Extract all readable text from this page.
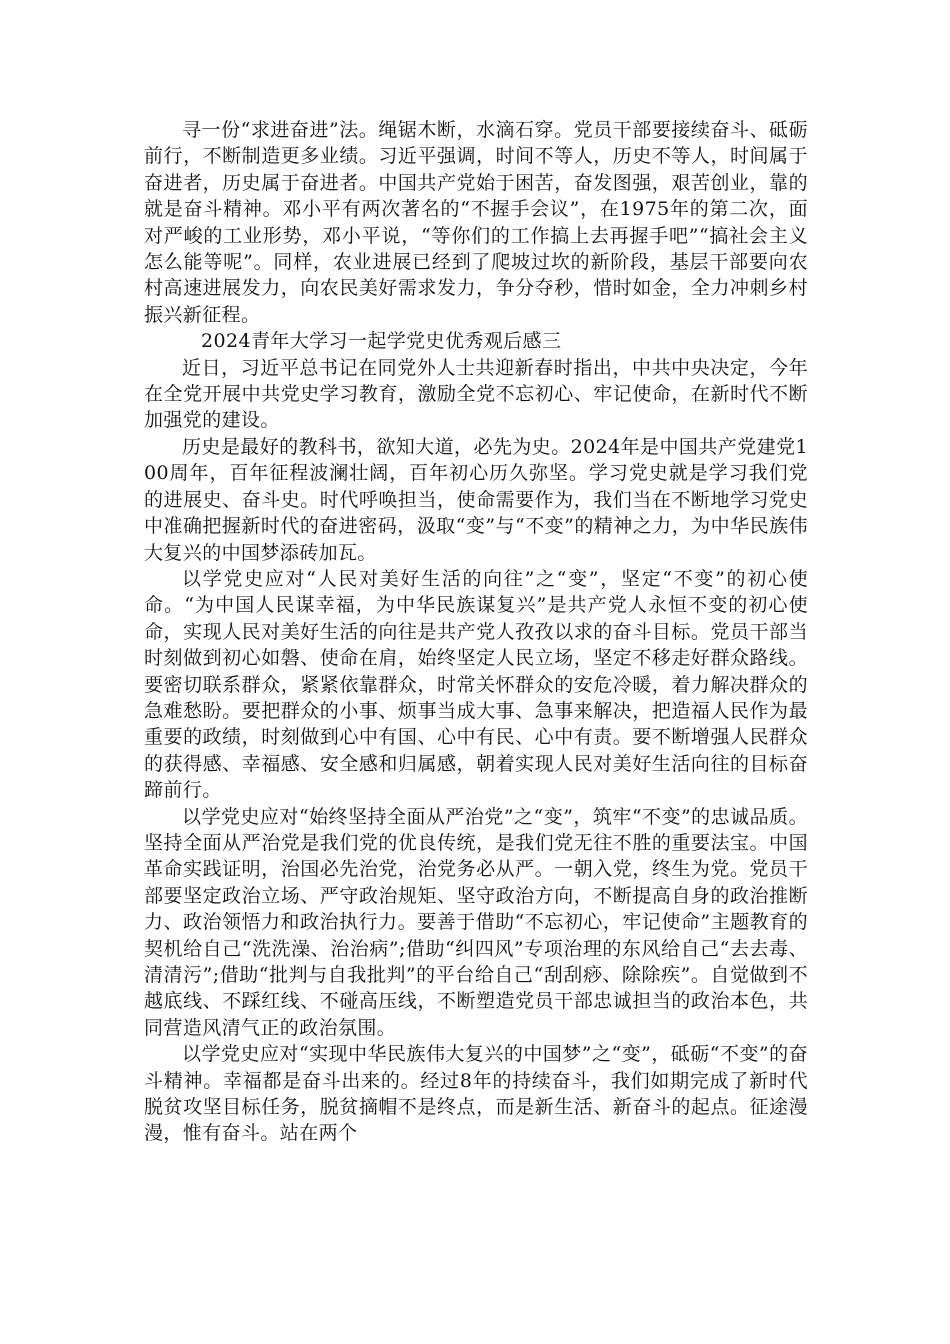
寻一份“求进奋进”法。绳锯木断，水滴石穿。党员干部要接续奋斗、砥砺前行，不断制造更多业绩。习近平强调，时间不等人，历史不等人，时间属于奋进者，历史属于奋进者。中国共产党始于困苦，奋发图强，艰苦创业，靠的就是奋斗精神。邓小平有两次著名的“不握手会议”，在1975年的第二次，面对严峻的工业形势，邓小平说，“等你们的工作搞上去再握手吧”“搞社会主义怎么能等呢”。同样，农业进展已经到了爬坡过坎的新阶段，基层干部要向农村高速进展发力，向农民美好需求发力，争分夺秒，惜时如金，全力冲刺乡村振兴新征程。

2024青年大学习一起学党史优秀观后感三

近日，习近平总书记在同党外人士共迎新春时指出，中共中央决定，今年在全党开展中共党史学习教育，激励全党不忘初心、牢记使命，在新时代不断加强党的建设。

历史是最好的教科书，欲知大道，必先为史。2024年是中国共产党建党100周年，百年征程波澜壮阔，百年初心历久弥坚。学习党史就是学习我们党的进展史、奋斗史。时代呼唤担当，使命需要作为，我们当在不断地学习党史中准确把握新时代的奋进密码，汲取“变”与“不变”的精神之力，为中华民族伟大复兴的中国梦添砖加瓦。

以学党史应对“人民对美好生活的向往”之“变”，坚定“不变”的初心使命。“为中国人民谋幸福，为中华民族谋复兴”是共产党人永恒不变的初心使命，实现人民对美好生活的向往是共产党人孜孜以求的奋斗目标。党员干部当时刻做到初心如磐、使命在肩，始终坚定人民立场，坚定不移走好群众路线。要密切联系群众，紧紧依靠群众，时常关怀群众的安危冷暖，着力解决群众的急难愁盼。要把群众的小事、烦事当成大事、急事来解决，把造福人民作为最重要的政绩，时刻做到心中有国、心中有民、心中有责。要不断增强人民群众的获得感、幸福感、安全感和归属感，朝着实现人民对美好生活向往的目标奋蹄前行。

以学党史应对“始终坚持全面从严治党”之“变”，筑牢“不变”的忠诚品质。坚持全面从严治党是我们党的优良传统，是我们党无往不胜的重要法宝。中国革命实践证明，治国必先治党，治党务必从严。一朝入党，终生为党。党员干部要坚定政治立场、严守政治规矩、坚守政治方向，不断提高自身的政治推断力、政治领悟力和政治执行力。要善于借助“不忘初心，牢记使命”主题教育的契机给自己“洗洗澡、治治病”;借助“纠四风”专项治理的东风给自己“去去毒、清清污”;借助“批判与自我批判”的平台给自己“刮刮痧、除除疾”。自觉做到不越底线、不踩红线、不碰高压线，不断塑造党员干部忠诚担当的政治本色，共同营造风清气正的政治氛围。

以学党史应对“实现中华民族伟大复兴的中国梦”之“变”，砥砺“不变”的奋斗精神。幸福都是奋斗出来的。经过8年的持续奋斗，我们如期完成了新时代脱贫攻坚目标任务，脱贫摘帽不是终点，而是新生活、新奋斗的起点。征途漫漫，惟有奋斗。站在两个
